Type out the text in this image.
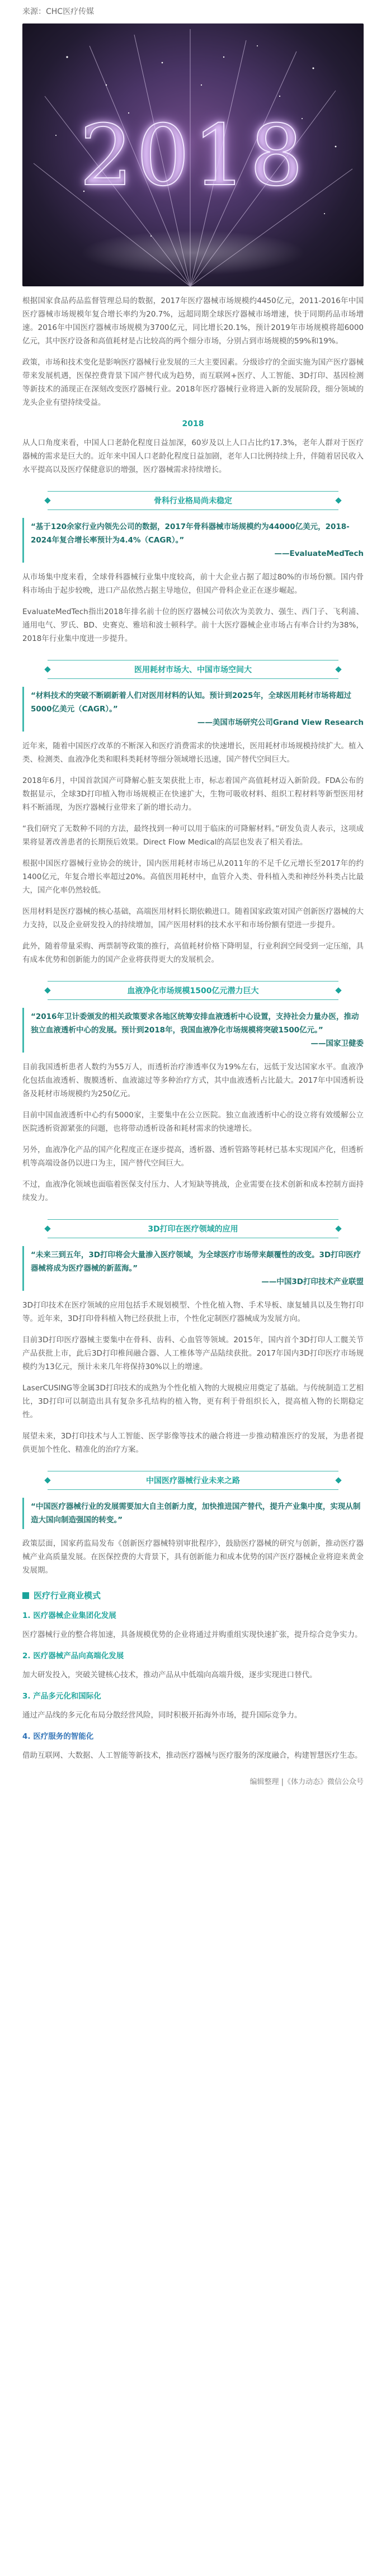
来源：CHC医疗传媒
2018

根据国家食品药品监督管理总局的数据，2017年医疗器械市场规模约4450亿元，2011-2016年中国医疗器械市场规模年复合增长率约为20.7%，远超同期全球医疗器械市场增速，快于同期药品市场增速。2016年中国医疗器械市场规模为3700亿元，同比增长20.1%，预计2019年市场规模将超6000亿元，其中医疗设备和高值耗材是占比较高的两个细分市场，分别占到市场规模的59%和19%。

政策，市场和技术变化是影响医疗器械行业发展的三大主要因素。分级诊疗的全面实施为国产医疗器械带来发展机遇，医保控费背景下国产替代成为趋势，而互联网+医疗、人工智能、3D打印、基因检测等新技术的涌现正在深刻改变医疗器械行业。2018年医疗器械行业将进入新的发展阶段，细分领域的龙头企业有望持续受益。

2018

从人口角度来看，中国人口老龄化程度日益加深，60岁及以上人口占比约17.3%，老年人群对于医疗器械的需求是巨大的。近年来中国人口老龄化程度日益加剧，老年人口比例持续上升，伴随着居民收入水平提高以及医疗保健意识的增强，医疗器械需求持续增长。

骨科行业格局尚未稳定
“基于120余家行业内领先公司的数据，2017年骨科器械市场规模约为44000亿美元，2018-2024年复合增长率预计为4.4%（CAGR）。”
——EvaluateMedTech

从市场集中度来看，全球骨科器械行业集中度较高，前十大企业占据了超过80%的市场份额。国内骨科市场由于起步较晚，进口产品依然占据主导地位，但国产骨科企业正在逐步崛起。

EvaluateMedTech指出2018年排名前十位的医疗器械公司依次为美敦力、强生、西门子、飞利浦、通用电气、罗氏、BD、史赛克、雅培和波士顿科学。前十大医疗器械企业市场占有率合计约为38%，2018年行业集中度进一步提升。

医用耗材市场大、中国市场空间大
“材料技术的突破不断刷新着人们对医用材料的认知。预计到2025年，全球医用耗材市场将超过5000亿美元（CAGR）。”
——美国市场研究公司Grand View Research

近年来，随着中国医疗改革的不断深入和医疗消费需求的快速增长，医用耗材市场规模持续扩大。植入类、检测类、血液净化类和眼科类耗材等细分领域增长迅速，国产替代空间巨大。

2018年6月，中国首款国产可降解心脏支架获批上市，标志着国产高值耗材迈入新阶段。FDA公布的数据显示，全球3D打印植入物市场规模正在快速扩大，生物可吸收材料、组织工程材料等新型医用材料不断涌现，为医疗器械行业带来了新的增长动力。

“我们研究了无数种不同的方法，最终找到一种可以用于临床的可降解材料。”研发负责人表示，这项成果将显著改善患者的长期预后效果。Direct Flow Medical的高层也发表了相关看法。

根据中国医疗器械行业协会的统计，国内医用耗材市场已从2011年的不足千亿元增长至2017年的约1400亿元，年复合增长率超过20%。高值医用耗材中，血管介入类、骨科植入类和神经外科类占比最大，国产化率仍然较低。

医用材料是医疗器械的核心基础，高端医用材料长期依赖进口。随着国家政策对国产创新医疗器械的大力支持，以及企业研发投入的持续增加，国产医用材料的技术水平和市场份额有望进一步提升。

此外，随着带量采购、两票制等政策的推行，高值耗材价格下降明显，行业利润空间受到一定压缩，具有成本优势和创新能力的国产企业将获得更大的发展机会。

血液净化市场规模1500亿元潜力巨大
“2016年卫计委颁发的相关政策要求各地区统筹安排血液透析中心设置，支持社会力量办医，推动独立血液透析中心的发展。预计到2018年，我国血液净化市场规模将突破1500亿元。”
——国家卫健委

目前我国透析患者人数约为55万人，而透析治疗渗透率仅为19%左右，远低于发达国家水平。血液净化包括血液透析、腹膜透析、血液滤过等多种治疗方式，其中血液透析占比最大。2017年中国透析设备及耗材市场规模约为250亿元。

目前中国血液透析中心约有5000家，主要集中在公立医院。独立血液透析中心的设立将有效缓解公立医院透析资源紧张的问题，也将带动透析设备和耗材需求的快速增长。

另外，血液净化产品的国产化程度正在逐步提高，透析器、透析管路等耗材已基本实现国产化，但透析机等高端设备仍以进口为主，国产替代空间巨大。

不过，血液净化领域也面临着医保支付压力、人才短缺等挑战，企业需要在技术创新和成本控制方面持续发力。

3D打印在医疗领域的应用
“未来三到五年，3D打印将会大量渗入医疗领域，为全球医疗市场带来颠覆性的改变。3D打印医疗器械将成为医疗器械的新蓝海。”
——中国3D打印技术产业联盟

3D打印技术在医疗领域的应用包括手术规划模型、个性化植入物、手术导板、康复辅具以及生物打印等。近年来，3D打印骨科植入物已经获批上市，个性化定制医疗器械成为发展方向。

目前3D打印医疗器械主要集中在骨科、齿科、心血管等领域。2015年，国内首个3D打印人工髋关节产品获批上市，此后3D打印椎间融合器、人工椎体等产品陆续获批。2017年国内3D打印医疗市场规模约为13亿元，预计未来几年将保持30%以上的增速。

LaserCUSING等金属3D打印技术的成熟为个性化植入物的大规模应用奠定了基础。与传统制造工艺相比，3D打印可以制造出具有复杂多孔结构的植入物，更有利于骨组织长入，提高植入物的长期稳定性。

展望未来，3D打印技术与人工智能、医学影像等技术的融合将进一步推动精准医疗的发展，为患者提供更加个性化、精准化的治疗方案。

中国医疗器械行业未来之路
“中国医疗器械行业的发展需要加大自主创新力度，加快推进国产替代，提升产业集中度，实现从制造大国向制造强国的转变。”

政策层面，国家药监局发布《创新医疗器械特别审批程序》，鼓励医疗器械的研究与创新，推动医疗器械产业高质量发展。在医保控费的大背景下，具有创新能力和成本优势的国产医疗器械企业将迎来黄金发展期。

医疗行业商业模式
1. 医疗器械企业集团化发展

医疗器械行业的整合将加速，具备规模优势的企业将通过并购重组实现快速扩张，提升综合竞争实力。

2. 医疗器械产品向高端化发展

加大研发投入，突破关键核心技术，推动产品从中低端向高端升级，逐步实现进口替代。

3. 产品多元化和国际化

通过产品线的多元化布局分散经营风险，同时积极开拓海外市场，提升国际竞争力。

4. 医疗服务的智能化

借助互联网、大数据、人工智能等新技术，推动医疗器械与医疗服务的深度融合，构建智慧医疗生态。

编辑整理 |《体力动态》微信公众号
